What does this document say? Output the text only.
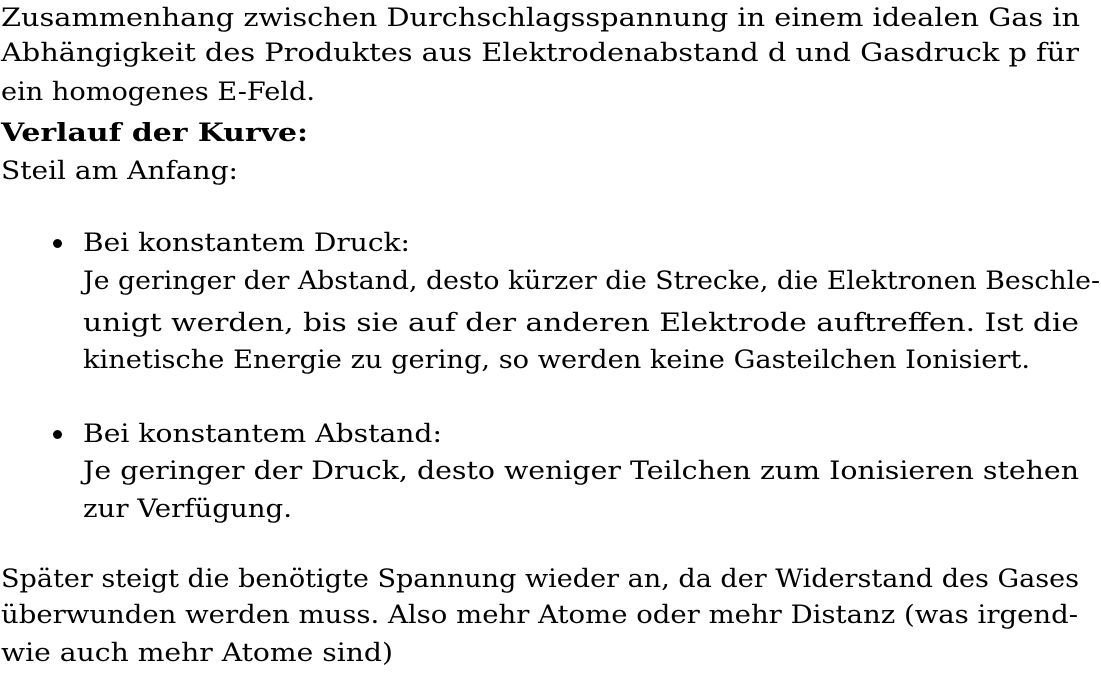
Zusammenhang zwischen Durchschlagsspannung in einem idealen Gas in
Abhängigkeit des Produktes aus Elektrodenabstand d und Gasdruck p für
ein homogenes E-Feld.
Verlauf der Kurve:
Steil am Anfang:
Bei konstantem Druck:
Je geringer der Abstand, desto kürzer die Strecke, die Elektronen Beschle-
unigt werden, bis sie auf der anderen Elektrode auftreffen. Ist die
kinetische Energie zu gering, so werden keine Gasteilchen Ionisiert.
Bei konstantem Abstand:
Je geringer der Druck, desto weniger Teilchen zum Ionisieren stehen
zur Verfügung.
Später steigt die benötigte Spannung wieder an, da der Widerstand des Gases
überwunden werden muss. Also mehr Atome oder mehr Distanz (was irgend-
wie auch mehr Atome sind)
